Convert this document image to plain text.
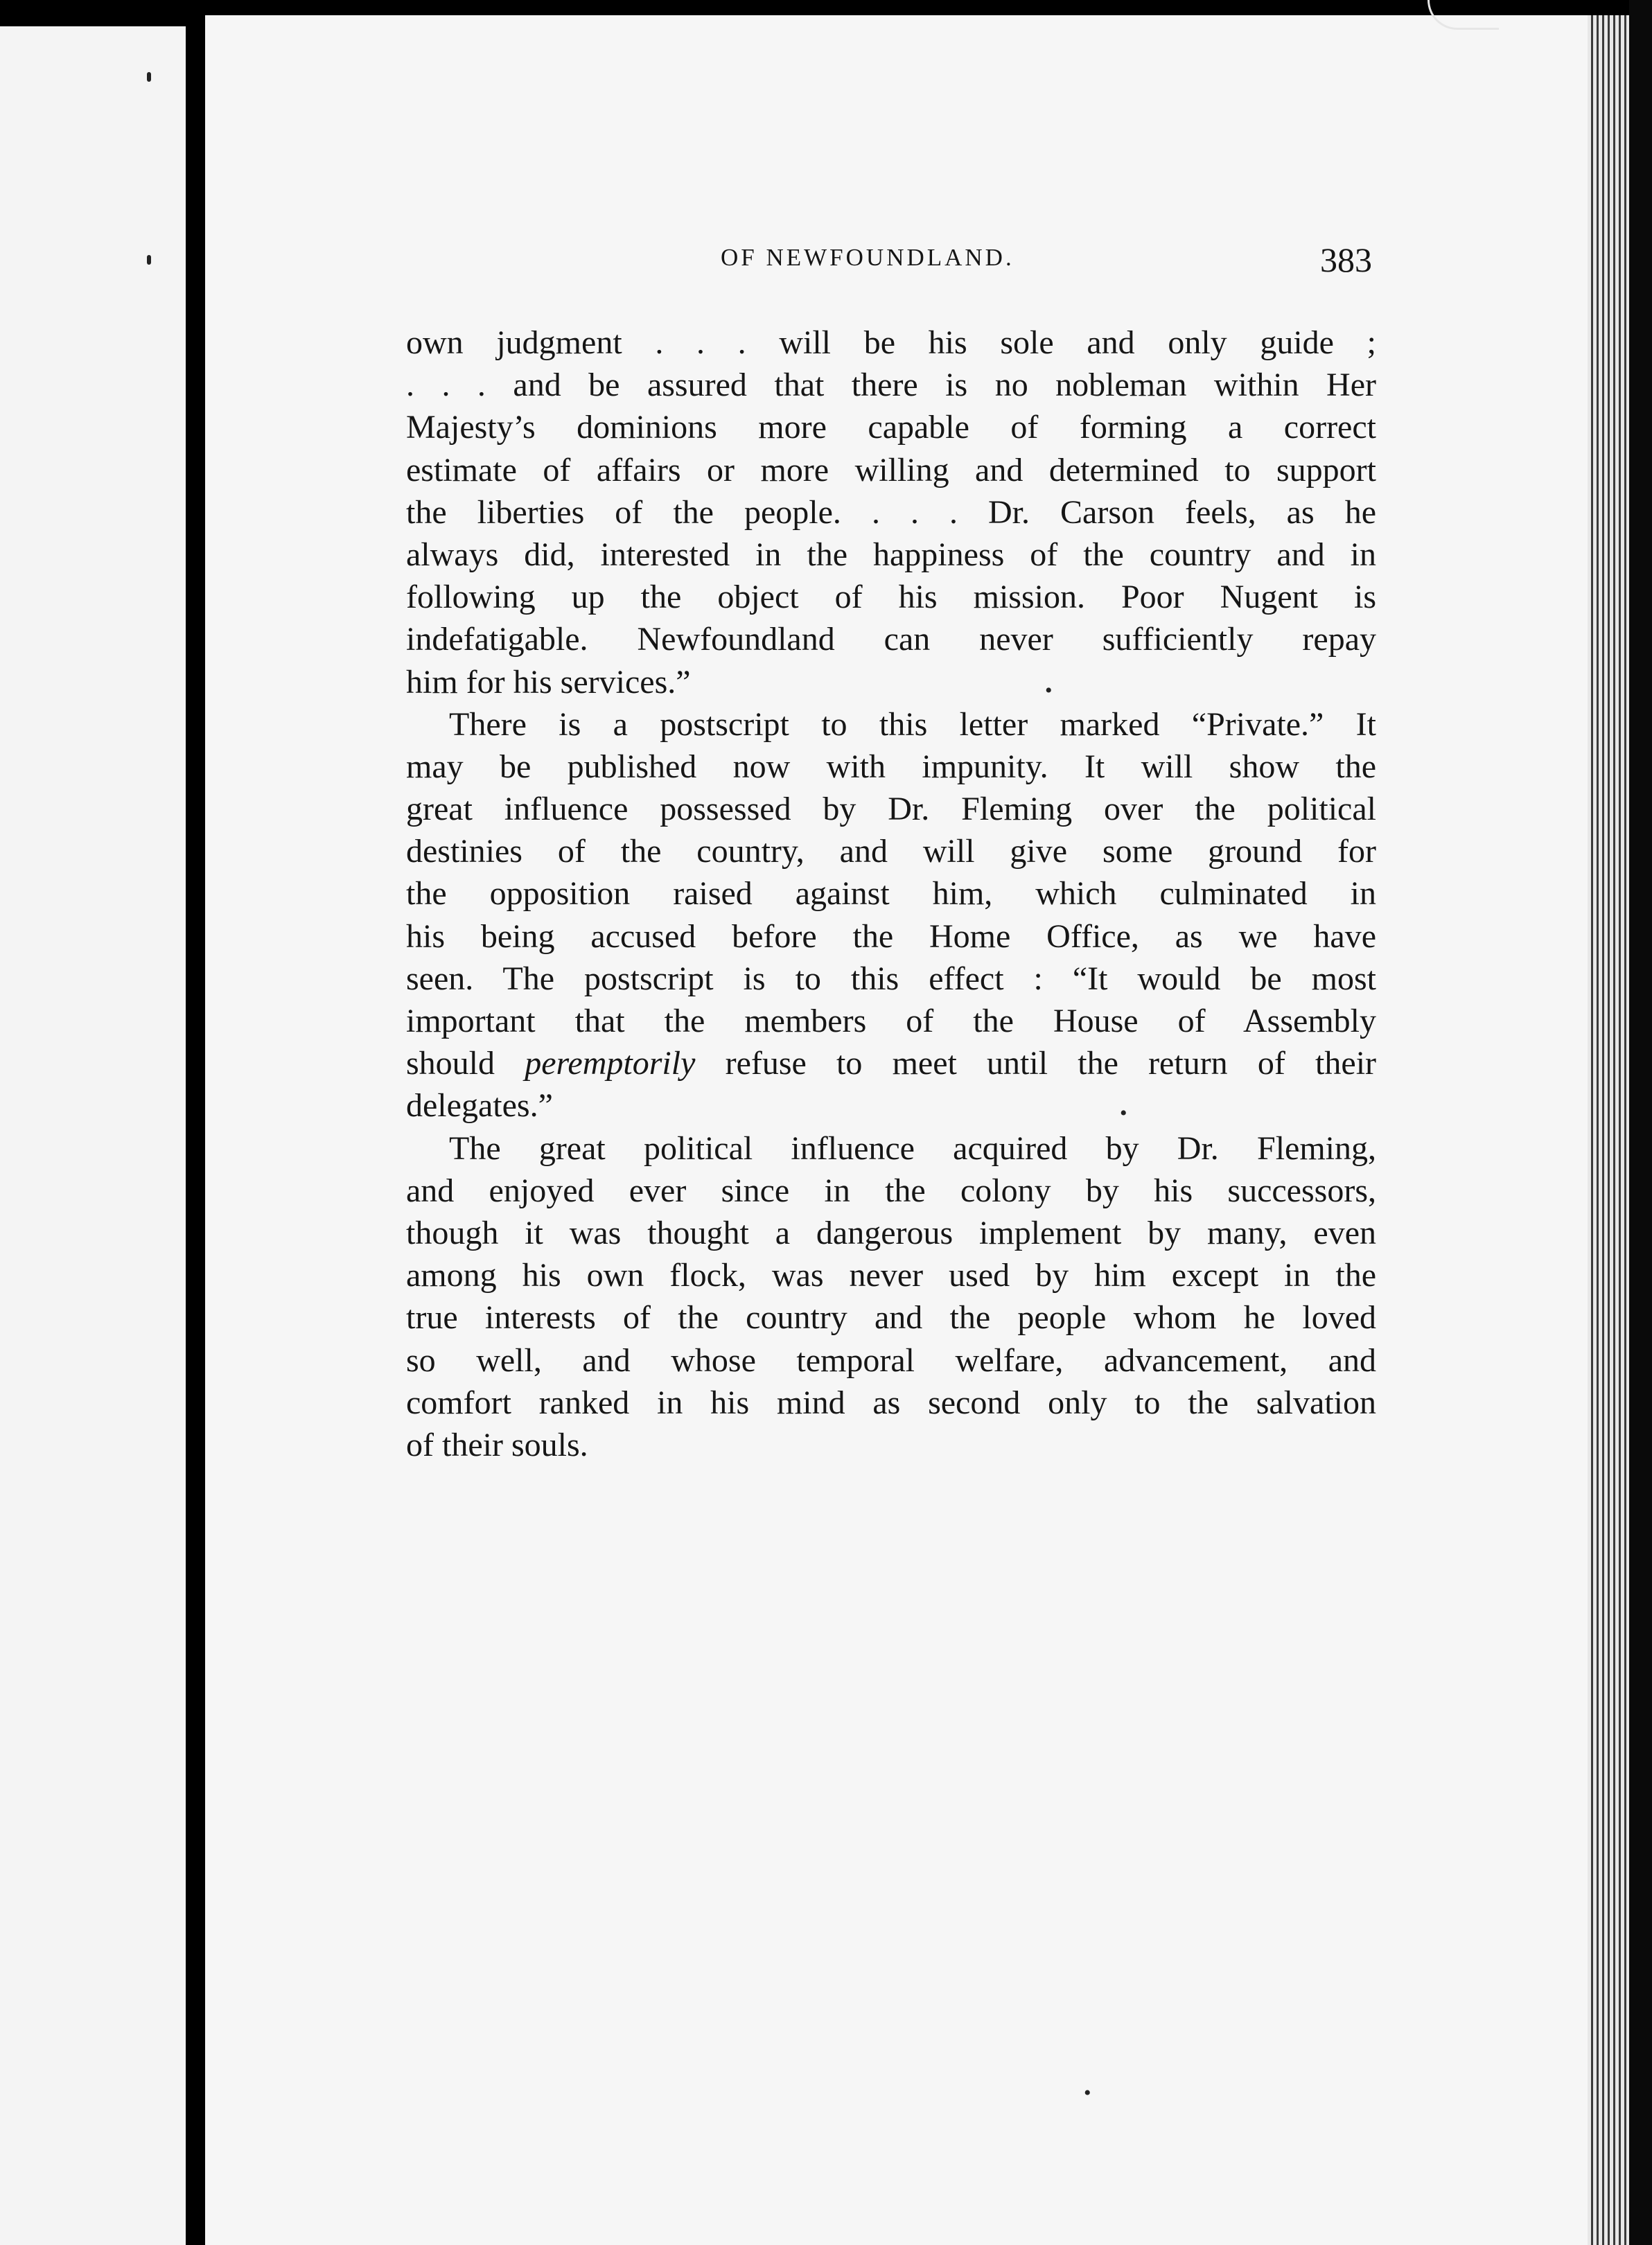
OF NEWFOUNDLAND.	383
own judgment . . . will be his sole and only guide ;
. . . and be assured that there is no nobleman within Her
Majesty’s dominions more capable of forming a correct
estimate of affairs or more willing and determined to support
the liberties of the people. . . . Dr. Carson feels, as he
always did, interested in the happiness of the country and in
following up the object of his mission. Poor Nugent is
indefatigable. Newfoundland can never sufficiently repay
him for his services.”
There is a postscript to this letter marked “Private.” It
may be published now with impunity. It will show the
great influence possessed by Dr. Fleming over the political
destinies of the country, and will give some ground for
the opposition raised against him, which culminated in
his being accused before the Home Office, as we have
seen. The postscript is to this effect : “It would be most
important that the members of the House of Assembly
should peremptorily refuse to meet until the return of their
delegates.”
The great political influence acquired by Dr. Fleming,
and enjoyed ever since in the colony by his successors,
though it was thought a dangerous implement by many, even
among his own flock, was never used by him except in the
true interests of the country and the people whom he loved
so well, and whose temporal welfare, advancement, and
comfort ranked in his mind as second only to the salvation
of their souls.
•
•
•
